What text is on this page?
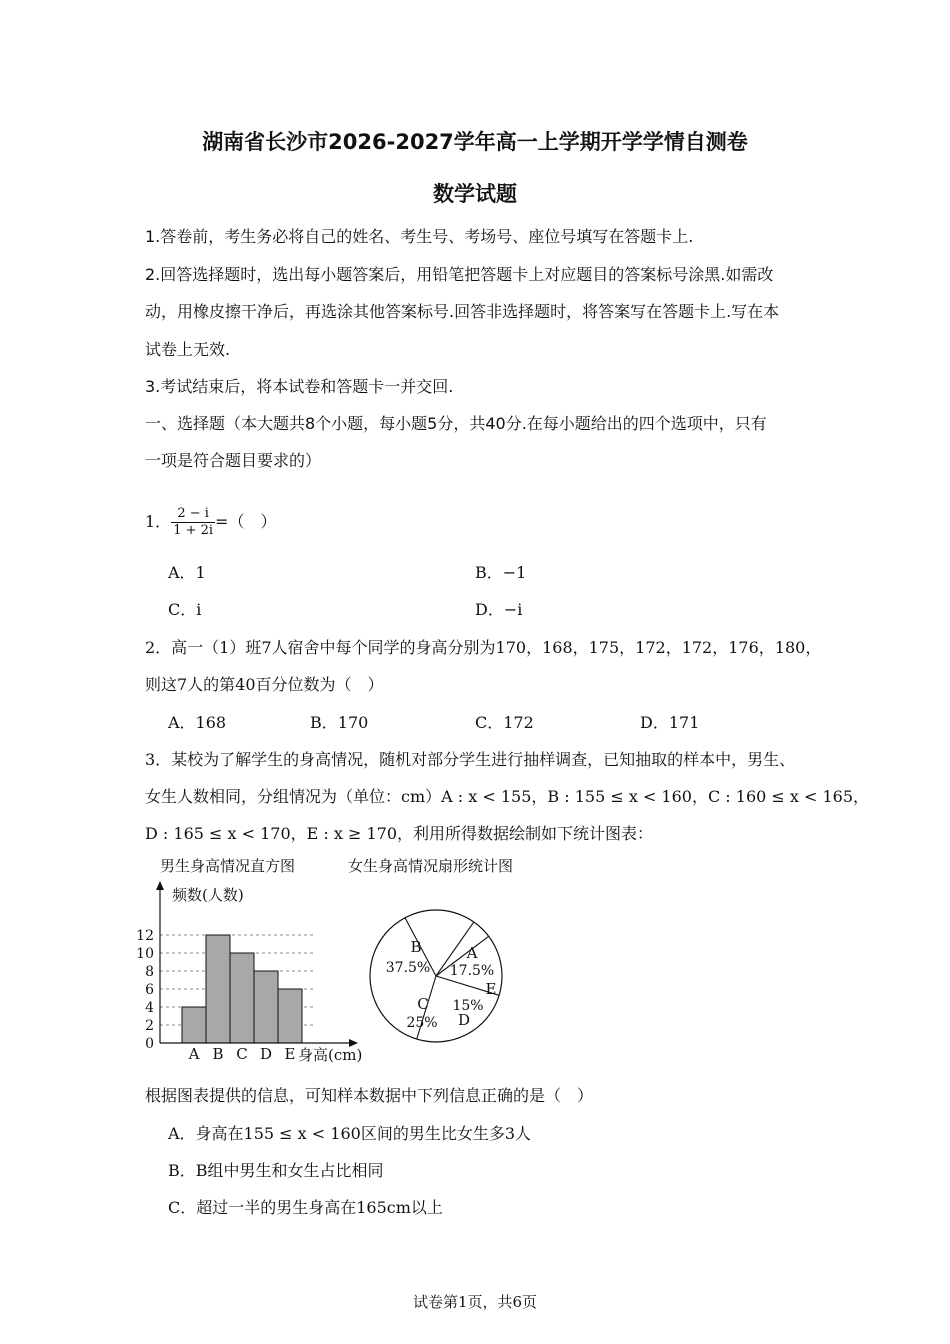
湖南省长沙市2026-2027学年高一上学期开学学情自测卷
数学试题
1.答卷前，考生务必将自己的姓名、考生号、考场号、座位号填写在答题卡上.
2.回答选择题时，选出每小题答案后，用铅笔把答题卡上对应题目的答案标号涂黑.如需改
动，用橡皮擦干净后，再选涂其他答案标号.回答非选择题时，将答案写在答题卡上.写在本
试卷上无效.
3.考试结束后，将本试卷和答题卡一并交回.
一、选择题（本大题共8个小题，每小题5分，共40分.在每小题给出的四个选项中，只有
一项是符合题目要求的）
1． $\frac{2 - i}{1 + 2i}$ =（　）
A．1	B．−1
C．i	D．−i
2．高一（1）班7人宿舍中每个同学的身高分别为170，168，175，172，172，176，180，
则这7人的第40百分位数为（　）
A．168	B．170	C．172	D．171
3．某校为了解学生的身高情况，随机对部分学生进行抽样调查，已知抽取的样本中，男生、
女生人数相同，分组情况为（单位：cm）A : x < 155，B : 155 ≤ x < 160，C : 160 ≤ x < 165，
D : 165 ≤ x < 170，E : x ≥ 170，利用所得数据绘制如下统计图表：
男生身高情况直方图	女生身高情况扇形统计图
0
2
4
6
8
10
12
A B C D E
频数(人数)
身高(cm)
A
17.5%
E
D
15%
C
25%
B
37.5%
根据图表提供的信息，可知样本数据中下列信息正确的是（　）
A．身高在155 ≤ x < 160区间的男生比女生多3人
B．B组中男生和女生占比相同
C．超过一半的男生身高在165cm以上
试卷第1页，共6页
